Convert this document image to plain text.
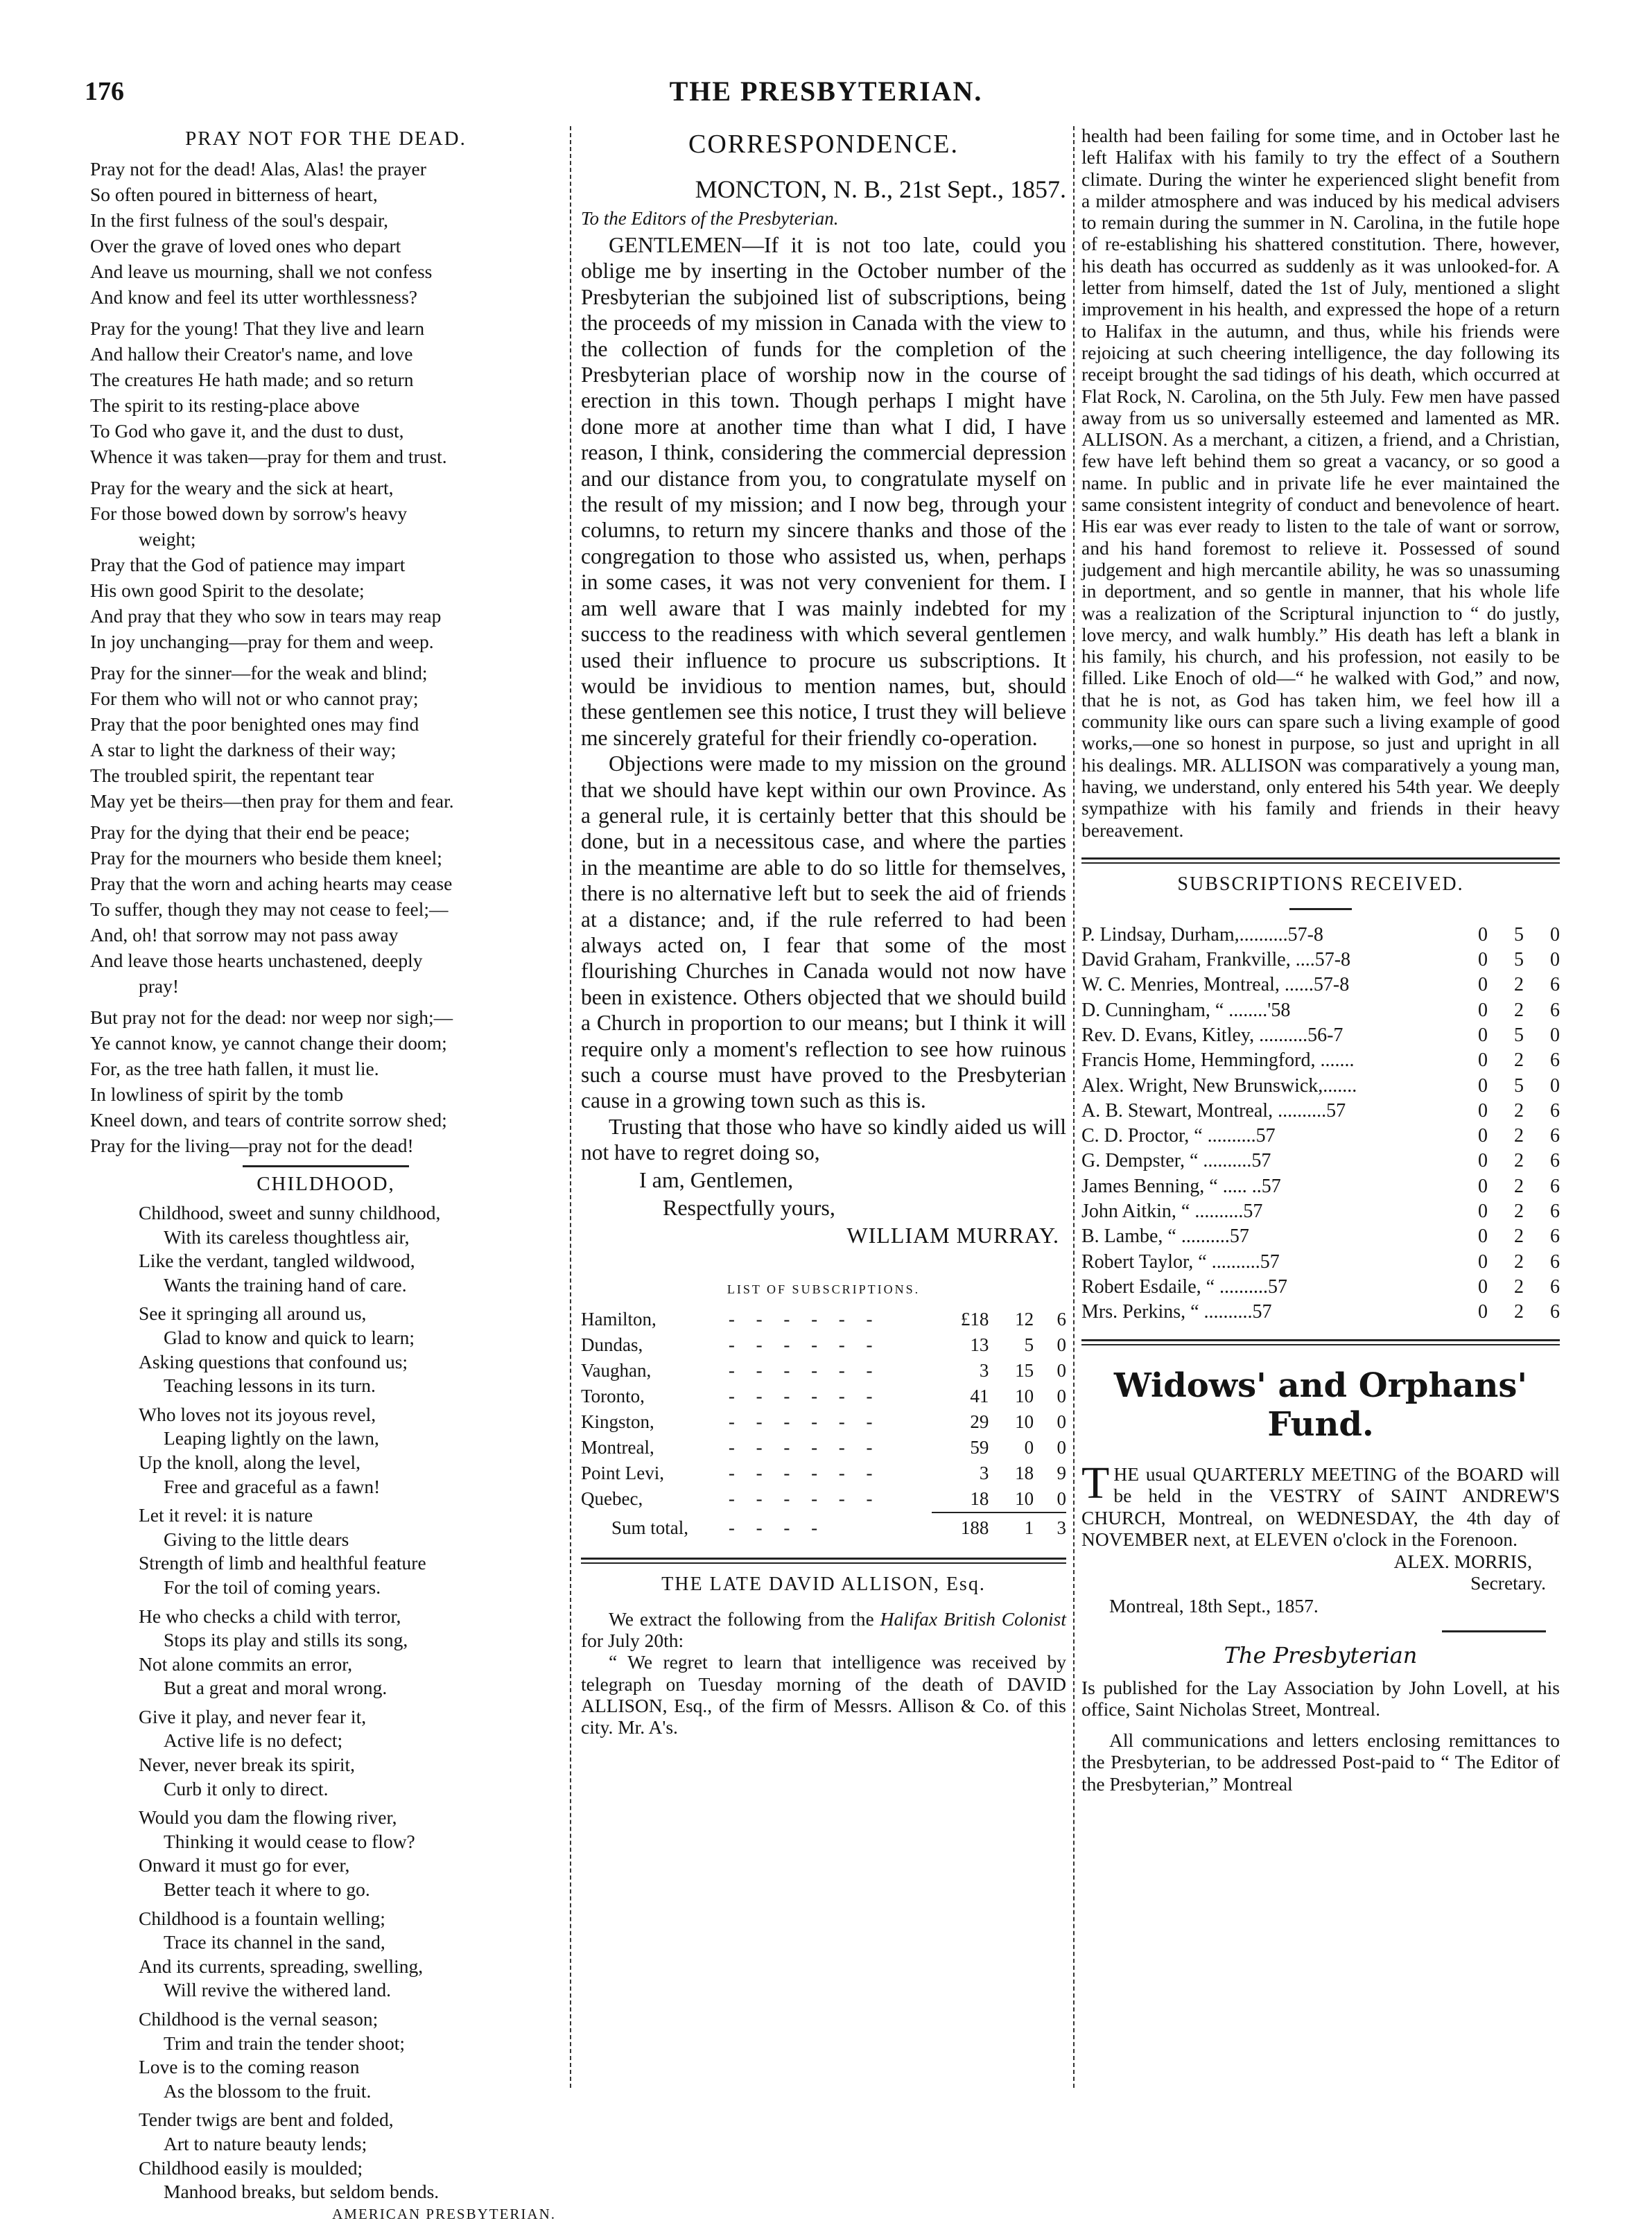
176	THE PRESBYTERIAN.
PRAY NOT FOR THE DEAD.
Pray not for the dead! Alas, Alas! the prayer
So often poured in bitterness of heart,
In the first fulness of the soul's despair,
Over the grave of loved ones who depart
And leave us mourning, shall we not confess
And know and feel its utter worthlessness?
Pray for the young! That they live and learn
And hallow their Creator's name, and love
The creatures He hath made; and so return
The spirit to its resting-place above
To God who gave it, and the dust to dust,
Whence it was taken—pray for them and trust.
Pray for the weary and the sick at heart,
For those bowed down by sorrow's heavy
weight;
Pray that the God of patience may impart
His own good Spirit to the desolate;
And pray that they who sow in tears may reap
In joy unchanging—pray for them and weep.
Pray for the sinner—for the weak and blind;
For them who will not or who cannot pray;
Pray that the poor benighted ones may find
A star to light the darkness of their way;
The troubled spirit, the repentant tear
May yet be theirs—then pray for them and fear.
Pray for the dying that their end be peace;
Pray for the mourners who beside them kneel;
Pray that the worn and aching hearts may cease
To suffer, though they may not cease to feel;—
And, oh! that sorrow may not pass away
And leave those hearts unchastened, deeply
pray!
But pray not for the dead: nor weep nor sigh;—
Ye cannot know, ye cannot change their doom;
For, as the tree hath fallen, it must lie.
In lowliness of spirit by the tomb
Kneel down, and tears of contrite sorrow shed;
Pray for the living—pray not for the dead!
CHILDHOOD,
Childhood, sweet and sunny childhood,
With its careless thoughtless air,
Like the verdant, tangled wildwood,
Wants the training hand of care.
See it springing all around us,
Glad to know and quick to learn;
Asking questions that confound us;
Teaching lessons in its turn.
Who loves not its joyous revel,
Leaping lightly on the lawn,
Up the knoll, along the level,
Free and graceful as a fawn!
Let it revel: it is nature
Giving to the little dears
Strength of limb and healthful feature
For the toil of coming years.
He who checks a child with terror,
Stops its play and stills its song,
Not alone commits an error,
But a great and moral wrong.
Give it play, and never fear it,
Active life is no defect;
Never, never break its spirit,
Curb it only to direct.
Would you dam the flowing river,
Thinking it would cease to flow?
Onward it must go for ever,
Better teach it where to go.
Childhood is a fountain welling;
Trace its channel in the sand,
And its currents, spreading, swelling,
Will revive the withered land.
Childhood is the vernal season;
Trim and train the tender shoot;
Love is to the coming reason
As the blossom to the fruit.
Tender twigs are bent and folded,
Art to nature beauty lends;
Childhood easily is moulded;
Manhood breaks, but seldom bends.
AMERICAN PRESBYTERIAN.
CORRESPONDENCE.
MONCTON, N. B., 21st Sept., 1857.
To the Editors of the Presbyterian.

GENTLEMEN—If it is not too late, could you oblige me by inserting in the October number of the Presbyterian the subjoined list of subscriptions, being the proceeds of my mission in Canada with the view to the collection of funds for the completion of the Presbyterian place of worship now in the course of erection in this town. Though perhaps I might have done more at another time than what I did, I have reason, I think, considering the commercial depression and our distance from you, to congratulate myself on the result of my mission; and I now beg, through your columns, to return my sincere thanks and those of the congregation to those who assisted us, when, perhaps in some cases, it was not very convenient for them. I am well aware that I was mainly indebted for my success to the readiness with which several gentlemen used their influence to procure us subscriptions. It would be invidious to mention names, but, should these gentlemen see this notice, I trust they will believe me sincerely grateful for their friendly co-operation.

Objections were made to my mission on the ground that we should have kept within our own Province. As a general rule, it is certainly better that this should be done, but in a necessitous case, and where the parties in the meantime are able to do so little for themselves, there is no alternative left but to seek the aid of friends at a distance; and, if the rule referred to had been always acted on, I fear that some of the most flourishing Churches in Canada would not now have been in existence. Others objected that we should build a Church in proportion to our means; but I think it will require only a moment's reflection to see how ruinous such a course must have proved to the Presbyterian cause in a growing town such as this is.

Trusting that those who have so kindly aided us will not have to regret doing so,

I am, Gentlemen,
Respectfully yours,
WILLIAM MURRAY.
LIST OF SUBSCRIPTIONS.
Hamilton,	- - - - - -	£18	12	6
Dundas,	- - - - - -	13	5	0
Vaughan,	- - - - - -	3	15	0
Toronto,	- - - - - -	41	10	0
Kingston,	- - - - - -	29	10	0
Montreal,	- - - - - -	59	0	0
Point Levi,	- - - - - -	3	18	9
Quebec,	- - - - - -	18	10	0
Sum total,	- - - -	188	1	3
THE LATE DAVID ALLISON, Esq.

We extract the following from the Halifax British Colonist for July 20th:

“ We regret to learn that intelligence was received by telegraph on Tuesday morning of the death of DAVID ALLISON, Esq., of the firm of Messrs. Allison & Co. of this city. Mr. A's.

health had been failing for some time, and in October last he left Halifax with his family to try the effect of a Southern climate. During the winter he experienced slight benefit from a milder atmosphere and was induced by his medical advisers to remain during the summer in N. Carolina, in the futile hope of re-establishing his shattered constitution. There, however, his death has occurred as suddenly as it was unlooked-for. A letter from himself, dated the 1st of July, mentioned a slight improvement in his health, and expressed the hope of a return to Halifax in the autumn, and thus, while his friends were rejoicing at such cheering intelligence, the day following its receipt brought the sad tidings of his death, which occurred at Flat Rock, N. Carolina, on the 5th July. Few men have passed away from us so universally esteemed and lamented as MR. ALLISON. As a merchant, a citizen, a friend, and a Christian, few have left behind them so great a vacancy, or so good a name. In public and in private life he ever maintained the same consistent integrity of conduct and benevolence of heart. His ear was ever ready to listen to the tale of want or sorrow, and his hand foremost to relieve it. Possessed of sound judgement and high mercantile ability, he was so unassuming in deportment, and so gentle in manner, that his whole life was a realization of the Scriptural injunction to “ do justly, love mercy, and walk humbly.” His death has left a blank in his family, his church, and his profession, not easily to be filled. Like Enoch of old—“ he walked with God,” and now, that he is not, as God has taken him, we feel how ill a community like ours can spare such a living example of good works,—one so honest in purpose, so just and upright in all his dealings. MR. ALLISON was comparatively a young man, having, we understand, only entered his 54th year. We deeply sympathize with his family and friends in their heavy bereavement.

SUBSCRIPTIONS RECEIVED.
P. Lindsay, Durham,..........57-8	0	5	0
David Graham, Frankville, ....57-8	0	5	0
W. C. Menries, Montreal, ......57-8	0	2	6
D. Cunningham, “ ........'58	0	2	6
Rev. D. Evans, Kitley, ..........56-7	0	5	0
Francis Home, Hemmingford, .......	0	2	6
Alex. Wright, New Brunswick,.......	0	5	0
A. B. Stewart, Montreal, ..........57	0	2	6
C. D. Proctor, “ ..........57	0	2	6
G. Dempster, “ ..........57	0	2	6
James Benning, “ ..... ..57	0	2	6
John Aitkin, “ ..........57	0	2	6
B. Lambe, “ ..........57	0	2	6
Robert Taylor, “ ..........57	0	2	6
Robert Esdaile, “ ..........57	0	2	6
Mrs. Perkins, “ ..........57	0	2	6
Widows' and Orphans' Fund.

THE usual QUARTERLY MEETING of the BOARD will be held in the VESTRY of SAINT ANDREW'S CHURCH, Montreal, on WEDNESDAY, the 4th day of NOVEMBER next, at ELEVEN o'clock in the Forenoon.

ALEX. MORRIS,
Secretary.
Montreal, 18th Sept., 1857.
The Presbyterian

Is published for the Lay Association by John Lovell, at his office, Saint Nicholas Street, Montreal.

All communications and letters enclosing remittances to the Presbyterian, to be addressed Post-paid to “ The Editor of the Presbyterian,” Montreal
